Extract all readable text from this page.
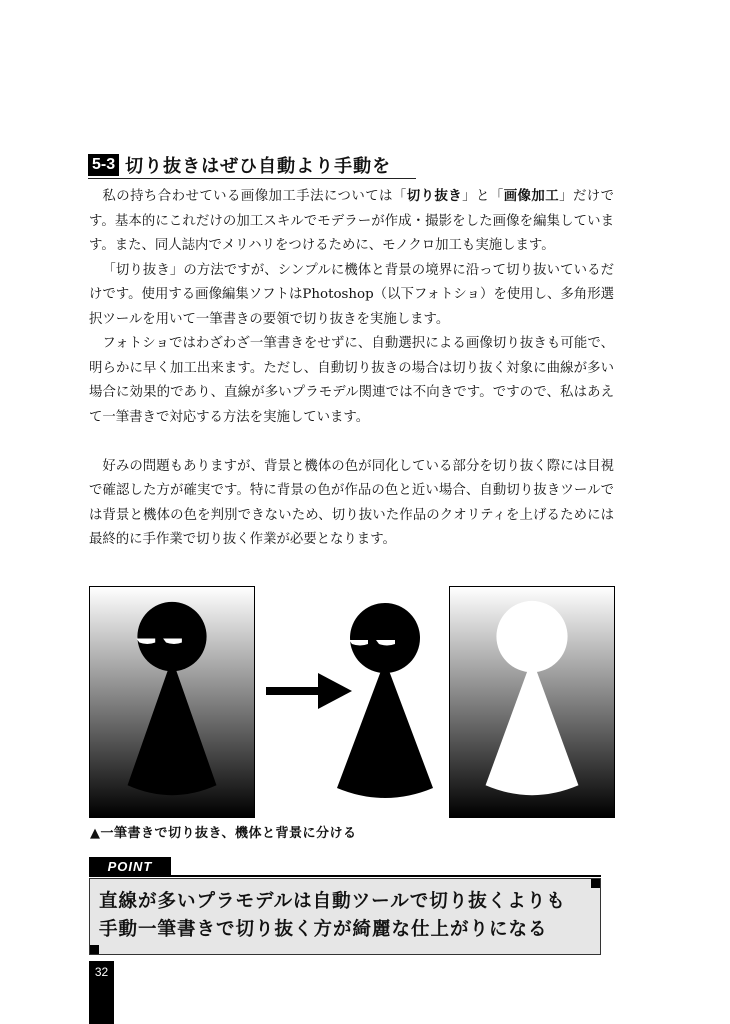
5-3 切り抜きはぜひ自動より手動を

私の持ち合わせている画像加工手法については「切り抜き」と「画像加工」だけです。基本的にこれだけの加工スキルでモデラーが作成・撮影をした画像を編集しています。また、同人誌内でメリハリをつけるために、モノクロ加工も実施します。

「切り抜き」の方法ですが、シンプルに機体と背景の境界に沿って切り抜いているだけです。使用する画像編集ソフトはPhotoshop（以下フォトショ）を使用し、多角形選択ツールを用いて一筆書きの要領で切り抜きを実施します。

フォトショではわざわざ一筆書きをせずに、自動選択による画像切り抜きも可能で、明らかに早く加工出来ます。ただし、自動切り抜きの場合は切り抜く対象に曲線が多い場合に効果的であり、直線が多いプラモデル関連では不向きです。ですので、私はあえて一筆書きで対応する方法を実施しています。

好みの問題もありますが、背景と機体の色が同化している部分を切り抜く際には目視で確認した方が確実です。特に背景の色が作品の色と近い場合、自動切り抜きツールでは背景と機体の色を判別できないため、切り抜いた作品のクオリティを上げるためには最終的に手作業で切り抜く作業が必要となります。

▲一筆書きで切り抜き、機体と背景に分ける
POINT
直線が多いプラモデルは自動ツールで切り抜くよりも
手動一筆書きで切り抜く方が綺麗な仕上がりになる
32
